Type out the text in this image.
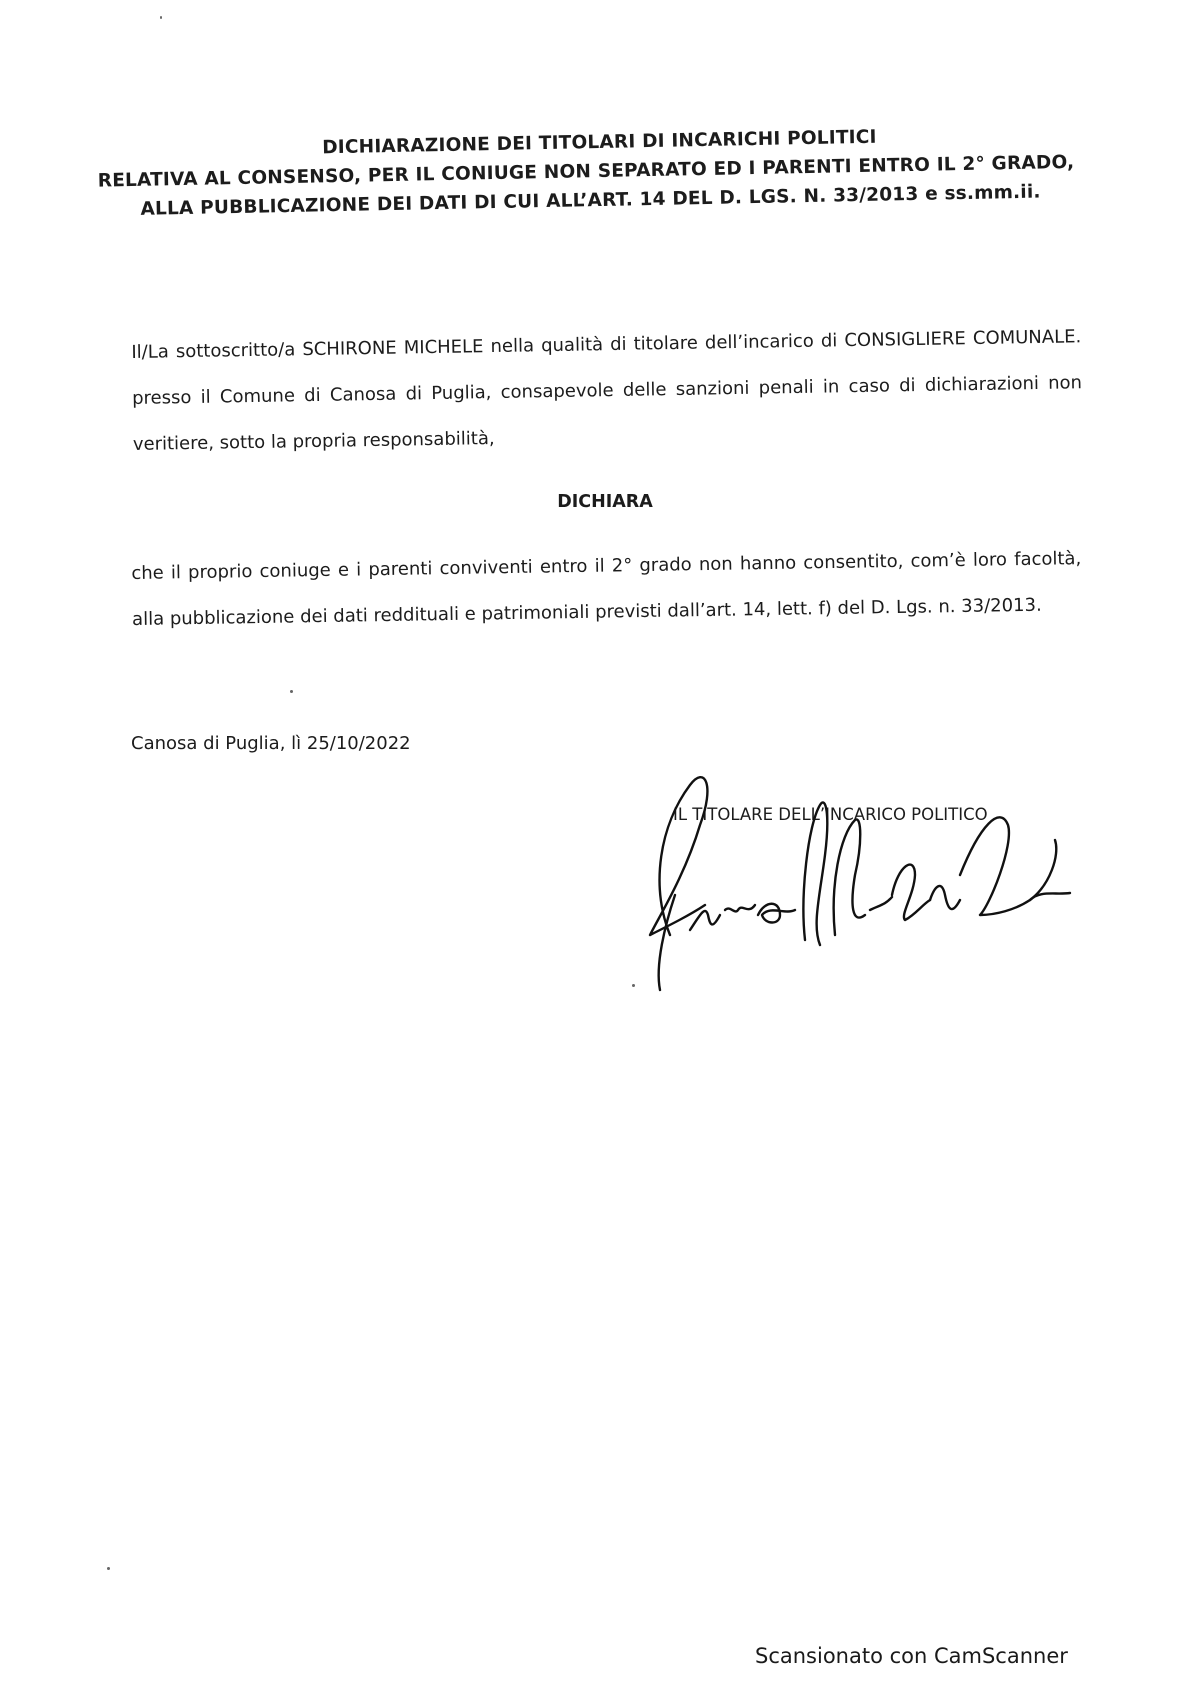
DICHIARAZIONE DEI TITOLARI DI INCARICHI POLITICI
RELATIVA AL CONSENSO, PER IL CONIUGE NON SEPARATO ED I PARENTI ENTRO IL 2° GRADO,
ALLA PUBBLICAZIONE DEI DATI DI CUI ALL’ART. 14 DEL D. LGS. N. 33/2013 e ss.mm.ii.

Il/La sottoscritto/a SCHIRONE MICHELE nella qualità di titolare dell’incarico di CONSIGLIERE COMUNALE. presso il Comune di Canosa di Puglia, consapevole delle sanzioni penali in caso di dichiarazioni non veritiere, sotto la propria responsabilità,

DICHIARA

che il proprio coniuge e i parenti conviventi entro il 2° grado non hanno consentito, com’è loro facoltà, alla pubblicazione dei dati reddituali e patrimoniali previsti dall’art. 14, lett. f) del D. Lgs. n. 33/2013.

Canosa di Puglia, lì 25/10/2022
IL TITOLARE DELL’INCARICO POLITICO
Scansionato con CamScanner
